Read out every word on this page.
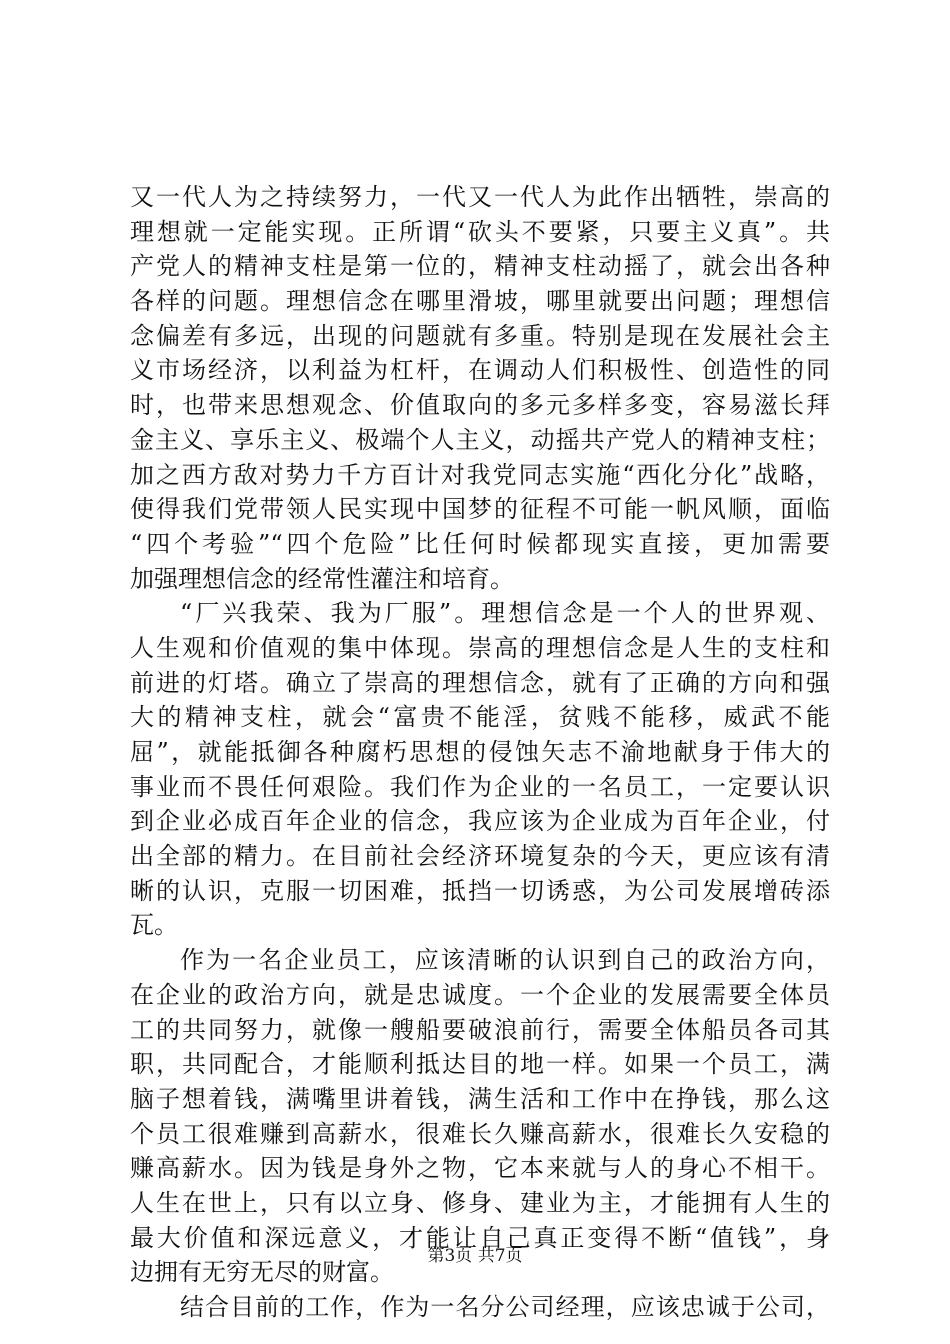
又一代人为之持续努力，一代又一代人为此作出牺牲，崇高的
理想就一定能实现。正所谓“砍头不要紧，只要主义真”。共
产党人的精神支柱是第一位的，精神支柱动摇了，就会出各种
各样的问题。理想信念在哪里滑坡，哪里就要出问题；理想信
念偏差有多远，出现的问题就有多重。特别是现在发展社会主
义市场经济，以利益为杠杆，在调动人们积极性、创造性的同
时，也带来思想观念、价值取向的多元多样多变，容易滋长拜
金主义、享乐主义、极端个人主义，动摇共产党人的精神支柱；
加之西方敌对势力千方百计对我党同志实施“西化分化”战略，
使得我们党带领人民实现中国梦的征程不可能一帆风顺，面临
“四个考验”“四个危险”比任何时候都现实直接，更加需要
加强理想信念的经常性灌注和培育。
“厂兴我荣、我为厂服”。理想信念是一个人的世界观、
人生观和价值观的集中体现。崇高的理想信念是人生的支柱和
前进的灯塔。确立了崇高的理想信念，就有了正确的方向和强
大的精神支柱，就会“富贵不能淫，贫贱不能移，威武不能
屈”，就能抵御各种腐朽思想的侵蚀矢志不渝地献身于伟大的
事业而不畏任何艰险。我们作为企业的一名员工，一定要认识
到企业必成百年企业的信念，我应该为企业成为百年企业，付
出全部的精力。在目前社会经济环境复杂的今天，更应该有清
晰的认识，克服一切困难，抵挡一切诱惑，为公司发展增砖添
瓦。
作为一名企业员工，应该清晰的认识到自己的政治方向，
在企业的政治方向，就是忠诚度。一个企业的发展需要全体员
工的共同努力，就像一艘船要破浪前行，需要全体船员各司其
职，共同配合，才能顺利抵达目的地一样。如果一个员工，满
脑子想着钱，满嘴里讲着钱，满生活和工作中在挣钱，那么这
个员工很难赚到高薪水，很难长久赚高薪水，很难长久安稳的
赚高薪水。因为钱是身外之物，它本来就与人的身心不相干。
人生在世上，只有以立身、修身、建业为主，才能拥有人生的
最大价值和深远意义，才能让自己真正变得不断“值钱”，身
边拥有无穷无尽的财富。
结合目前的工作，作为一名分公司经理，应该忠诚于公司，
第3页 共7页
